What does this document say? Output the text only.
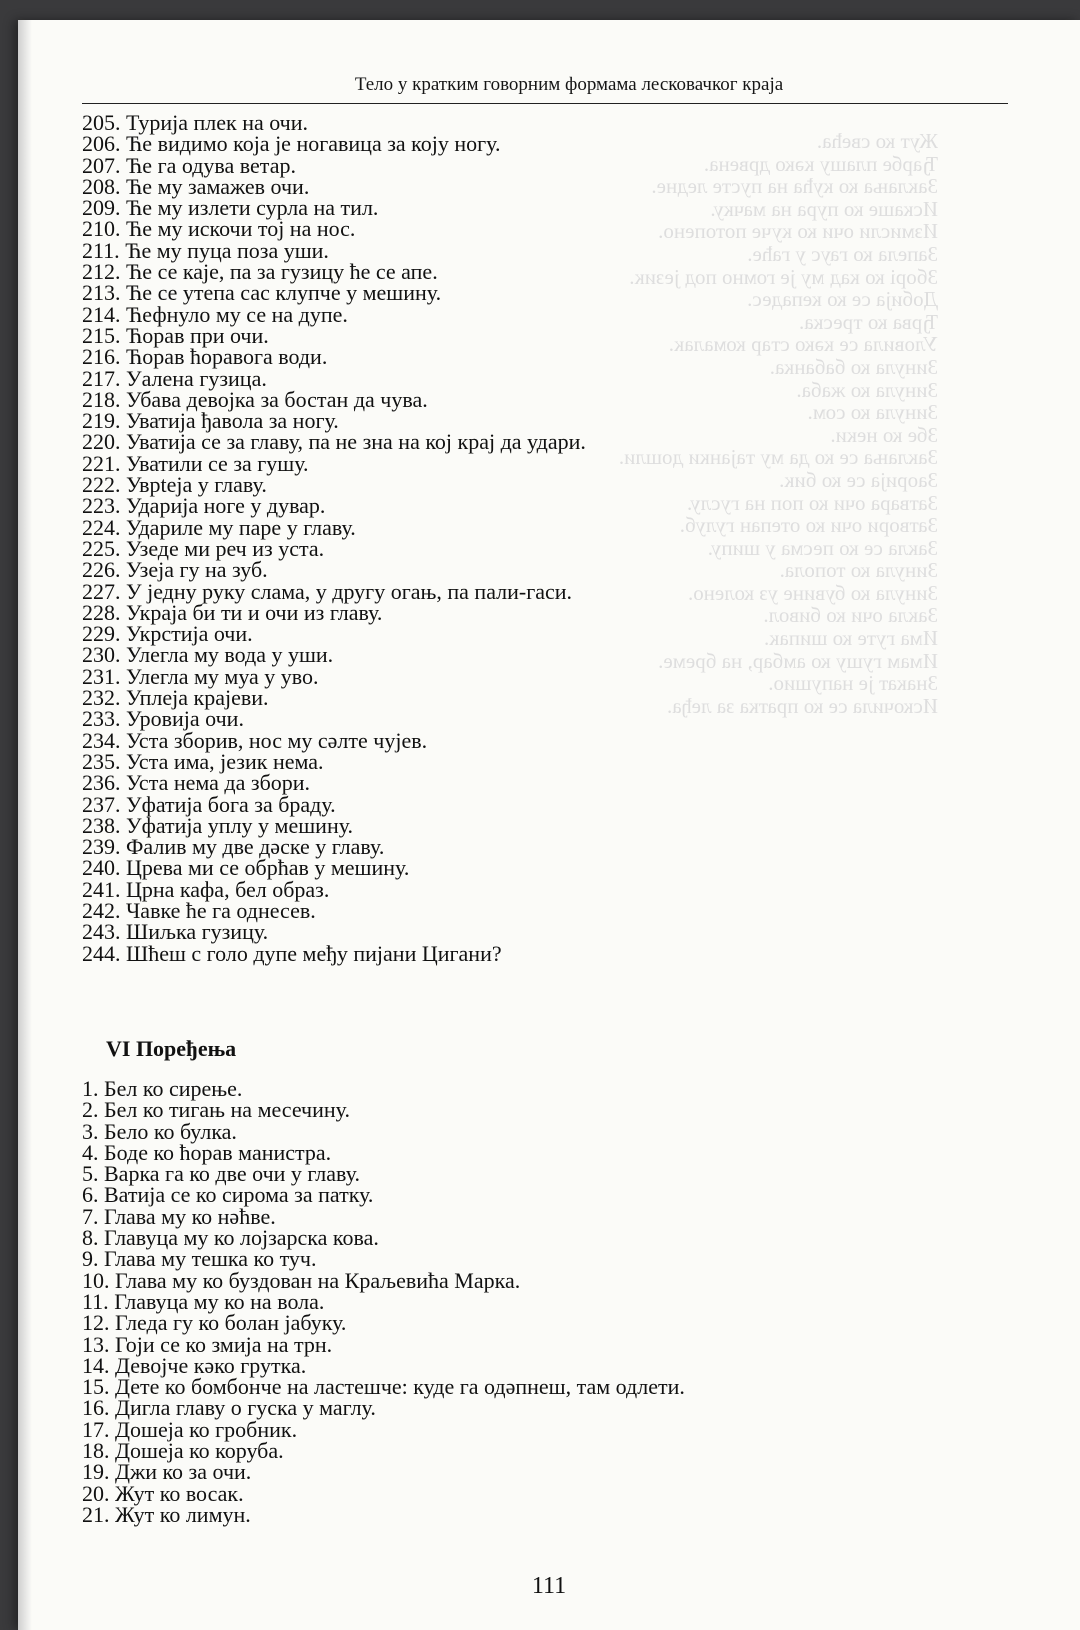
Жут ко свећа.
Ђарбе плашу кәко дрвена.
Заклања ко кућа на пусте ледне.
Искаше ко пура на мачку.
Измисли очи ко куче потопено.
Запела ко гаус у гаће.
Зборi ко кад му је гомно под језик.
Добија се ко кепадес.
Ђрва ко треска.
Уловила се кәко стар комалак.
Зинула ко бабанка.
Зинула ко жаба.
Зинула ко сом.
Збе ко неки.
Заклања се ко да му тајанки дошли.
Заорија се ко бик.
Затвара очи ко поп на гуслу.
Затвори очи ко отепан гулуб.
Закла се ко песма у шипу.
Зинула ко топола.
Зинула ко бувине уз колено.
Закла очи ко бивол.
Има гуте ко шипак.
Имам гушу ко амбар, на бреме.
Знакат је напушио.
Искочила се ко пратка за леђа.
Тело у кратким говорним формама лесковачког краја
205. Турија плек на очи.
206. Ће видимо која је ногавица за коју ногу.
207. Ће га одува ветар.
208. Ће му замажев очи.
209. Ће му излети сурла на тил.
210. Ће му искочи тој на нос.
211. Ће му пуца поза уши.
212. Ће се каје, па за гузицу ће се апе.
213. Ће се утепа сас клупче у мешину.
214. Ћефнуло му се на дупе.
215. Ћорав при очи.
216. Ћорав ћоравога води.
217. Уалена гузица.
218. Убава девојка за бостан да чува.
219. Уватија ђавола за ногу.
220. Уватија се за главу, па не зна на кој крај да удари.
221. Уватили се за гушу.
222. Уврteја у главу.
223. Ударија ноге у дувар.
224. Удариле му паре у главу.
225. Узеде ми реч из уста.
226. Узеја гу на зуб.
227. У једну руку слама, у другу огањ, па пали-гаси.
228. Украја би ти и очи из главу.
229. Укрстија очи.
230. Улегла му вода у уши.
231. Улегла му муа у уво.
232. Уплеја крајеви.
233. Уровија очи.
234. Уста зборив, нос му сәлте чујев.
235. Уста има, језик нема.
236. Уста нема да збори.
237. Уфатија бога за браду.
238. Уфатија уплу у мешину.
239. Фалив му две дәске у главу.
240. Црева ми се обрћав у мешину.
241. Црна кафа, бел образ.
242. Чавке ће га однесев.
243. Шиљка гузицу.
244. Шћеш с голо дупе међу пијани Цигани?
VI Поређења
1. Бел ко сирење.
2. Бел ко тигањ на месечину.
3. Бело ко булка.
4. Боде ко ћорав манистра.
5. Варка га ко две очи у главу.
6. Ватија се ко сирома за патку.
7. Глава му ко нәћве.
8. Главуца му ко лојзарска кова.
9. Глава му тешка ко туч.
10. Глава му ко буздован на Краљевића Марка.
11. Главуца му ко на вола.
12. Гледа гу ко болан јабуку.
13. Гоји се ко змија на трн.
14. Девојче кәко грутка.
15. Дете ко бомбонче на ластешче: куде га одәпнеш, там одлети.
16. Дигла главу о гуска у маглу.
17. Дошеја ко гробник.
18. Дошеја ко коруба.
19. Джи ко за очи.
20. Жут ко восак.
21. Жут ко лимун.
111
